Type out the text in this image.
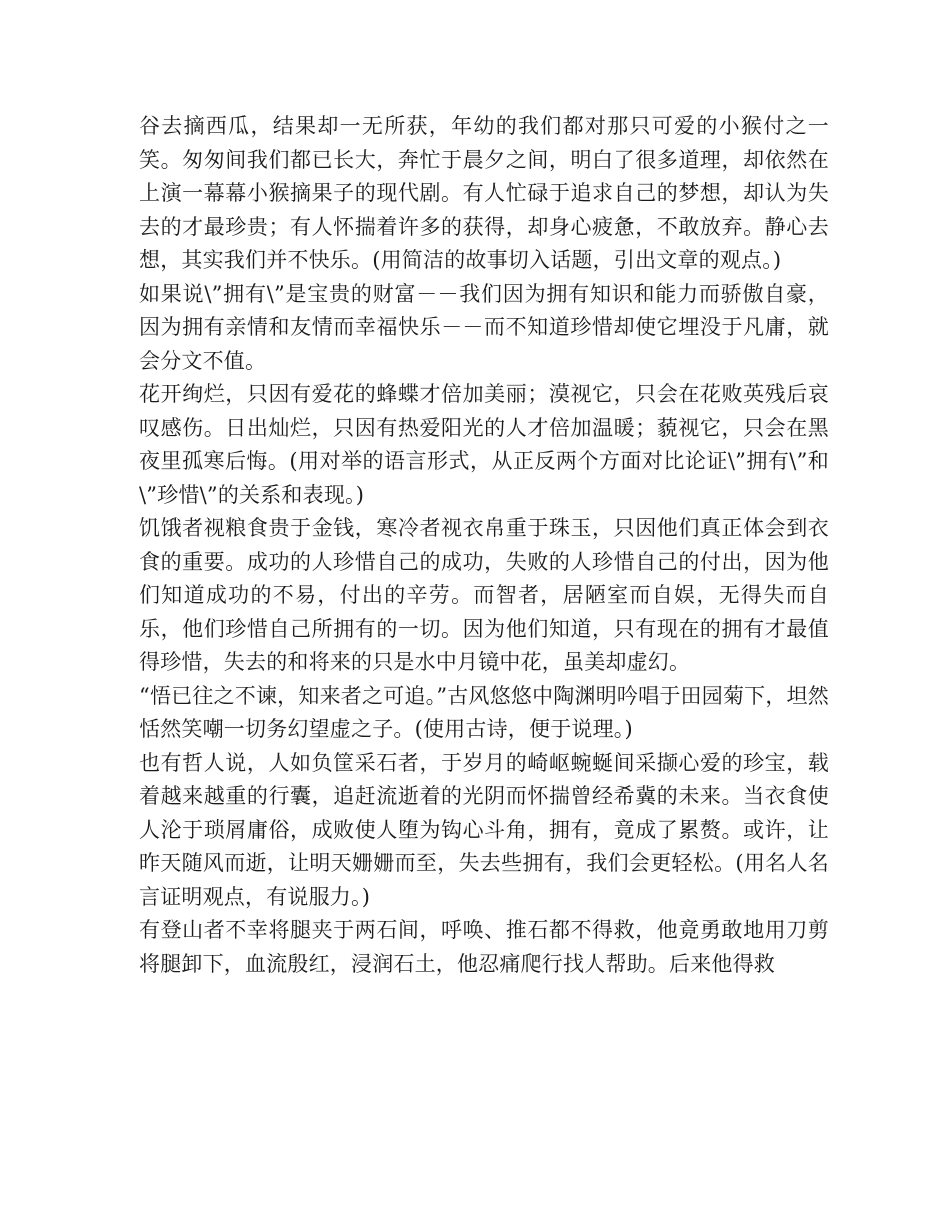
谷去摘西瓜，结果却一无所获，年幼的我们都对那只可爱的小猴付之一笑。匆匆间我们都已长大，奔忙于晨夕之间，明白了很多道理，却依然在上演一幕幕小猴摘果子的现代剧。有人忙碌于追求自己的梦想，却认为失去的才最珍贵；有人怀揣着许多的获得，却身心疲惫，不敢放弃。静心去想，其实我们并不快乐。(用简洁的故事切入话题，引出文章的观点。)

如果说\”拥有\”是宝贵的财富－－我们因为拥有知识和能力而骄傲自豪，因为拥有亲情和友情而幸福快乐－－而不知道珍惜却使它埋没于凡庸，就会分文不值。

花开绚烂，只因有爱花的蜂蝶才倍加美丽；漠视它，只会在花败英残后哀叹感伤。日出灿烂，只因有热爱阳光的人才倍加温暖；藐视它，只会在黑夜里孤寒后悔。(用对举的语言形式，从正反两个方面对比论证\”拥有\”和\”珍惜\”的关系和表现。)

饥饿者视粮食贵于金钱，寒冷者视衣帛重于珠玉，只因他们真正体会到衣食的重要。成功的人珍惜自己的成功，失败的人珍惜自己的付出，因为他们知道成功的不易，付出的辛劳。而智者，居陋室而自娱，无得失而自乐，他们珍惜自己所拥有的一切。因为他们知道，只有现在的拥有才最值得珍惜，失去的和将来的只是水中月镜中花，虽美却虚幻。

“悟已往之不谏，知来者之可追。”古风悠悠中陶渊明吟唱于田园菊下，坦然恬然笑嘲一切务幻望虚之子。(使用古诗，便于说理。)

也有哲人说，人如负筐采石者，于岁月的崎岖蜿蜒间采撷心爱的珍宝，载着越来越重的行囊，追赶流逝着的光阴而怀揣曾经希冀的未来。当衣食使人沦于琐屑庸俗，成败使人堕为钩心斗角，拥有，竟成了累赘。或许，让昨天随风而逝，让明天姗姗而至，失去些拥有，我们会更轻松。(用名人名言证明观点，有说服力。)

有登山者不幸将腿夹于两石间，呼唤、推石都不得救，他竟勇敢地用刀剪将腿卸下，血流殷红，浸润石土，他忍痛爬行找人帮助。后来他得救
